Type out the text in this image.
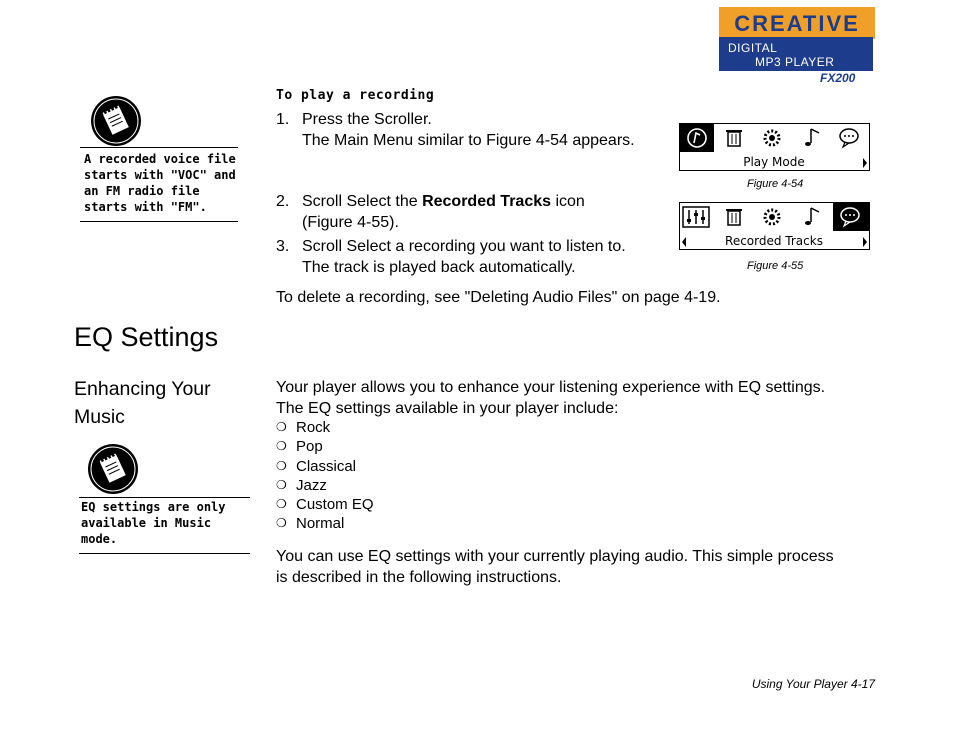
CREATIVE
DIGITAL
MP3 PLAYER
FX200
A recorded voice file starts with "VOC" and an FM radio file starts with "FM".
EQ settings are only available in Music mode.
To play a recording
1. Press the Scroller.
The Main Menu similar to Figure 4-54 appears.
2. Scroll Select the Recorded Tracks icon (Figure 4-55).
3. Scroll Select a recording you want to listen to. The track is played back automatically.
To delete a recording, see "Deleting Audio Files" on page 4-19.
Play Mode
Figure 4-54
Recorded Tracks
Figure 4-55
EQ Settings
Enhancing Your Music
Your player allows you to enhance your listening experience with EQ settings. The EQ settings available in your player include:
❍ Rock
❍ Pop
❍ Classical
❍ Jazz
❍ Custom EQ
❍ Normal
You can use EQ settings with your currently playing audio. This simple process is described in the following instructions.
Using Your Player 4-17
